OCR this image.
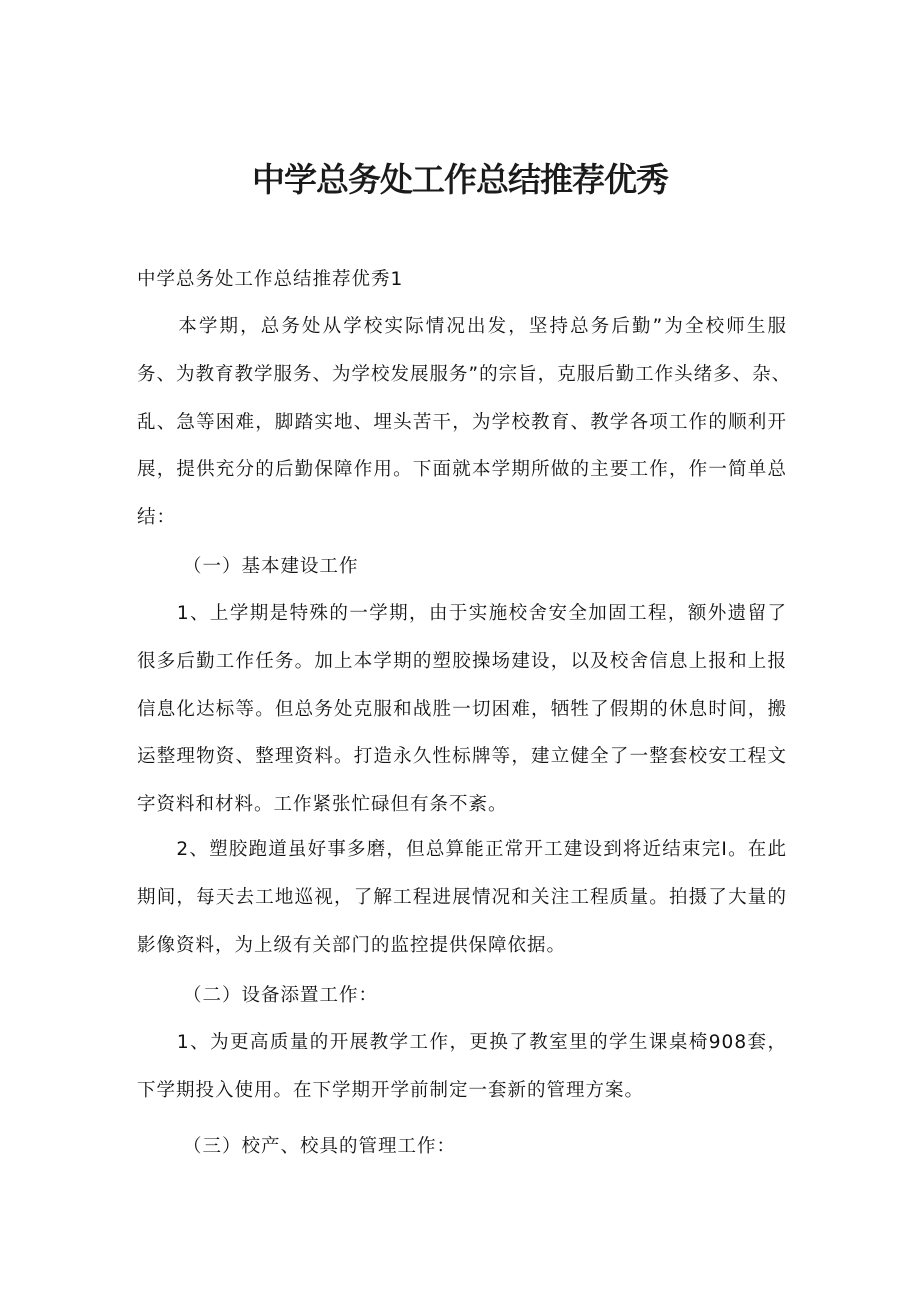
中学总务处工作总结推荐优秀
中学总务处工作总结推荐优秀1
　　本学期，总务处从学校实际情况出发，坚持总务后勤”为全校师生服
务、为教育教学服务、为学校发展服务”的宗旨，克服后勤工作头绪多、杂、
乱、急等困难，脚踏实地、埋头苦干，为学校教育、教学各项工作的顺利开
展，提供充分的后勤保障作用。下面就本学期所做的主要工作，作一简单总
结：
（一）基本建设工作
　　1、上学期是特殊的一学期，由于实施校舍安全加固工程，额外遗留了
很多后勤工作任务。加上本学期的塑胶操场建设，以及校舍信息上报和上报
信息化达标等。但总务处克服和战胜一切困难，牺牲了假期的休息时间，搬
运整理物资、整理资料。打造永久性标牌等，建立健全了一整套校安工程文
字资料和材料。工作紧张忙碌但有条不紊。
　　2、塑胶跑道虽好事多磨，但总算能正常开工建设到将近结束完I。在此
期间，每天去工地巡视，了解工程进展情况和关注工程质量。拍摄了大量的
影像资料，为上级有关部门的监控提供保障依据。
（二）设备添置工作：
　　1、为更高质量的开展教学工作，更换了教室里的学生课桌椅908套，
下学期投入使用。在下学期开学前制定一套新的管理方案。
（三）校产、校具的管理工作：
